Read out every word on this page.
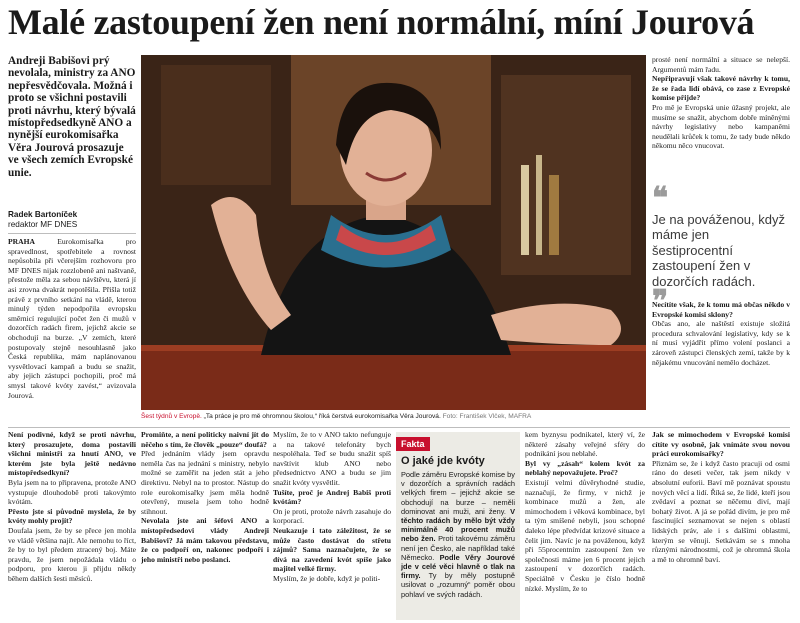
Malé zastoupení žen není normální, míní Jourová
Andreji Babišovi prý nevolala, ministry za ANO nepřesvědčovala. Možná i proto se všichni postavili proti návrhu, který bývalá místopředsedkyně ANO a nynější eurokomisařka Věra Jourová prosazuje ve všech zemích Evropské unie.
Radek Bartoníček
redaktor MF DNES
PRAHA	Eurokomisařka pro spravedlnost, spotřebitele a rovnost nepůsobila při včerejším rozhovoru pro MF DNES nijak rozzlobeně ani naštvaně, přestože měla za sebou návštěvu, která jí asi zrovna dvakrát nepotěšila. Přišla totiž právě z prvního setkání na vládě, kterou minulý týden nepodpořila evropsku směrnicí regulující počet žen či mužů v dozorčích radách firem, jejichž akcie se obchodují na burze. „V zemích, které postupovaly stejně nesouhlasně jako Česká republika, mám naplánovanou vysvětlovací kampaň a budu se snažit, aby jejich zástupci pochopili, proč má smysl takové kvóty zavést,“ avizovala Jourová.
Šest týdnů v Evropě. „Ta práce je pro mě ohromnou školou,“ říká čerstvá eurokomisařka Věra Jourová. Foto: František Vlček, MAFRA
prosté není normální a situace se nelepší. Argumentů mám řadu.
Nepřipravují však takové návrhy k tomu, že se řada lidí obává, co zase z Evropské komise přijde?
Pro mě je Evropská unie úžasný projekt, ale musíme se snažit, abychom dobře míněnými návrhy legislativy nebo kampaněmi neudělali krůček k tomu, že tady bude někdo někomu něco vnucovat.
❝
Je na pováženou, když máme jen šestiprocentní zastoupení žen v dozorčích radách.
❞
Necítíte však, že k tomu má občas někdo v Evropské komisi sklony?
Občas ano, ale naštěstí existuje složitá procedura schvalování legislativy, kdy se k ní musí vyjádřit přímo volení poslanci a zároveň zástupci členských zemí, takže by k nějakému vnucování nemělo docházet.
Není podivné, když se proti návrhu, který prosazujete, doma postavili všichni ministři za hnutí ANO, ve kterém jste byla ještě nedávno místopředsedkyní?
Byla jsem na to připravena, protože ANO vystupuje dlouhodobě proti takovýmto kvótám.
Přesto jste si původně myslela, že by kvóty mohly projít?
Doufala jsem, že by se přece jen mohla ve vládě většina najít. Ale nemohu to říct, že by to byl předem ztracený boj. Máte pravdu, že jsem nepožádala vládu o podporu, pro kterou ji přijdu někdy během dalších šesti měsíců.
Promiňte, a není politicky naivní jít do něčeho s tím, že člověk „pouze“ doufá?
Před jednáním vlády jsem opravdu neměla čas na jednání s ministry, nebylo možné se zaměřit na jeden stát a jeho direktivu. Nebyl na to prostor. Nástup do role eurokomisařky jsem měla hodně otevřený, musela jsem toho hodně stihnout.
Nevolala jste ani šéfovi ANO a místopředsedovi vlády Andreji Babišovi? Já mám takovou představu, že co podpoří on, nakonec podpoří i jeho ministři nebo poslanci.
Myslím, že to v ANO takto nefunguje a na takové telefonáty bych nespoléhala. Teď se budu snažit spíš navštívit klub ANO nebo předsednictvo ANO a budu se jim snažit kvóty vysvětlit.
Tušíte, proč je Andrej Babiš proti kvótám?
On je proti, protože návrh zasahuje do korporací.
Neukazuje i tato záležitost, že se může často dostávat do střetu zájmů? Sama naznačujete, že se dívá na zavedení kvót spíše jako majitel velké firmy.
Myslím, že je dobře, když je politi-
Fakta
O jaké jde kvóty
Podle záměru Evropské komise by v dozorčích a správních radách velkých firem – jejichž akcie se obchodují na burze – neměli dominovat ani muži, ani ženy. V těchto radách by mělo být vždy minimálně 40 procent mužů nebo žen. Proti takovému záměru není jen Česko, ale například také Německo. Podle Věry Jourové jde v celé věci hlavně o tlak na firmy. Ty by měly postupně usilovat o „rozumný“ poměr obou pohlaví ve svých radách.
kem byznysu podnikatel, který ví, že některé zásahy veřejné sféry do podnikání jsou neblahé.
Byl vy „zásah“ kolem kvót za neblahý nepovažujete. Proč?
Existují velmi důvěryhodné studie, naznačují, že firmy, v nichž je kombinace mužů a žen, ale mimochodem i věková kombinace, byl ta tým smíšené nebyli, jsou schopné daleko lépe předvídat krizové situace a čelit jim. Navíc je na pováženou, když při 55procentním zastoupení žen ve společnosti máme jen 6 procent jejich zastoupení v dozorčích radách. Speciálně v Česku je číslo hodně nízké. Myslím, že to
Jak se mimochodem v Evropské komisi cítíte vy osobně, jak vnímáte svou novou práci eurokomisařky?
Přiznám se, že i když často pracuji od osmi ráno do deseti večer, tak jsem nikdy v absolutní euforii. Baví mě poznávat spoustu nových věcí a lidí. Říká se, že lidé, kteří jsou zvědaví a poznat se něčemu diví, mají bohatý život. A já se pořád divím, je pro mě fascinující seznamovat se nejen s oblastí lidských práv, ale i s dalšími oblastmi, kterým se věnuji. Setkávám se s mnoha různými národnostmi, což je ohromná škola a mě to ohromně baví.
